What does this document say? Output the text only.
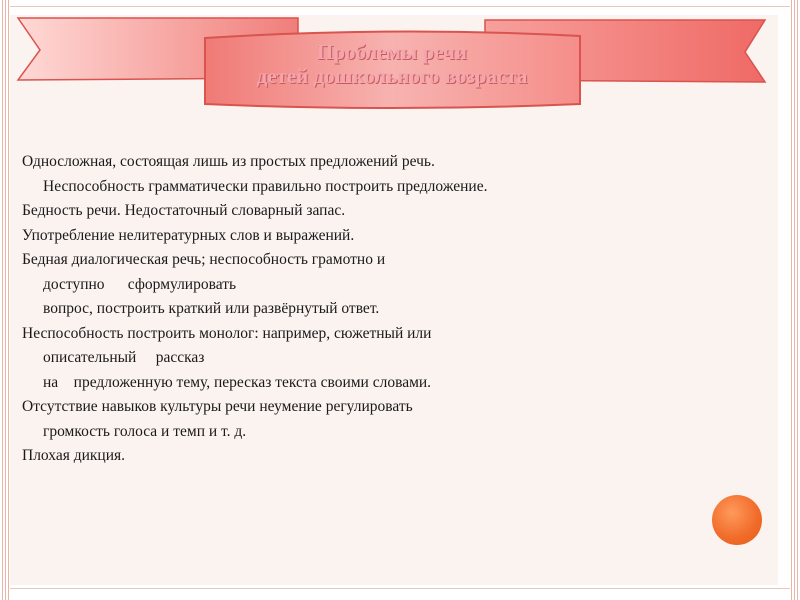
Проблемы речи
детей дошкольного возраста
Односложная, состоящая лишь из простых предложений речь.
Неспособность грамматически правильно построить предложение.
Бедность речи. Недостаточный словарный запас.
Употребление нелитературных слов и выражений.
Бедная диалогическая речь; неспособность грамотно и
доступно      сформулировать
вопрос, построить краткий или развёрнутый ответ.
Неспособность построить монолог: например, сюжетный или
описательный     рассказ
на    предложенную тему, пересказ текста своими словами.
Отсутствие навыков культуры речи неумение регулировать
громкость голоса и темп и т. д.
Плохая дикция.
